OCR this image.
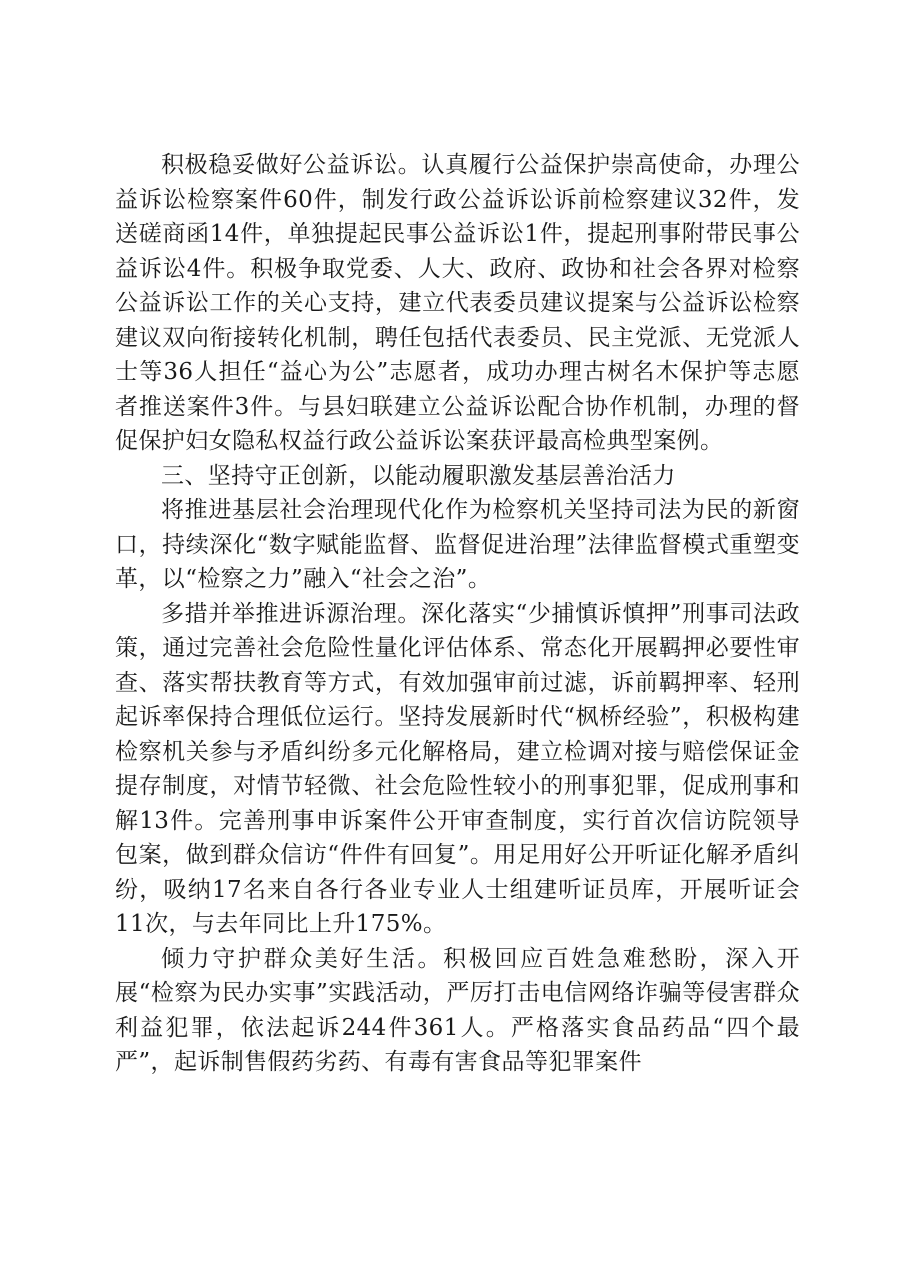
积极稳妥做好公益诉讼。认真履行公益保护崇高使命，办理公益诉讼检察案件60件，制发行政公益诉讼诉前检察建议32件，发送磋商函14件，单独提起民事公益诉讼1件，提起刑事附带民事公益诉讼4件。积极争取党委、人大、政府、政协和社会各界对检察公益诉讼工作的关心支持，建立代表委员建议提案与公益诉讼检察建议双向衔接转化机制，聘任包括代表委员、民主党派、无党派人士等36人担任“益心为公”志愿者，成功办理古树名木保护等志愿者推送案件3件。与县妇联建立公益诉讼配合协作机制，办理的督促保护妇女隐私权益行政公益诉讼案获评最高检典型案例。

三、坚持守正创新，以能动履职激发基层善治活力

将推进基层社会治理现代化作为检察机关坚持司法为民的新窗口，持续深化“数字赋能监督、监督促进治理”法律监督模式重塑变革，以“检察之力”融入“社会之治”。

多措并举推进诉源治理。深化落实“少捕慎诉慎押”刑事司法政策，通过完善社会危险性量化评估体系、常态化开展羁押必要性审查、落实帮扶教育等方式，有效加强审前过滤，诉前羁押率、轻刑起诉率保持合理低位运行。坚持发展新时代“枫桥经验”，积极构建检察机关参与矛盾纠纷多元化解格局，建立检调对接与赔偿保证金提存制度，对情节轻微、社会危险性较小的刑事犯罪，促成刑事和解13件。完善刑事申诉案件公开审查制度，实行首次信访院领导包案，做到群众信访“件件有回复”。用足用好公开听证化解矛盾纠纷，吸纳17名来自各行各业专业人士组建听证员库，开展听证会11次，与去年同比上升175%。

倾力守护群众美好生活。积极回应百姓急难愁盼，深入开展“检察为民办实事”实践活动，严厉打击电信网络诈骗等侵害群众利益犯罪，依法起诉244件361人。严格落实食品药品“四个最严”，起诉制售假药劣药、有毒有害食品等犯罪案件
